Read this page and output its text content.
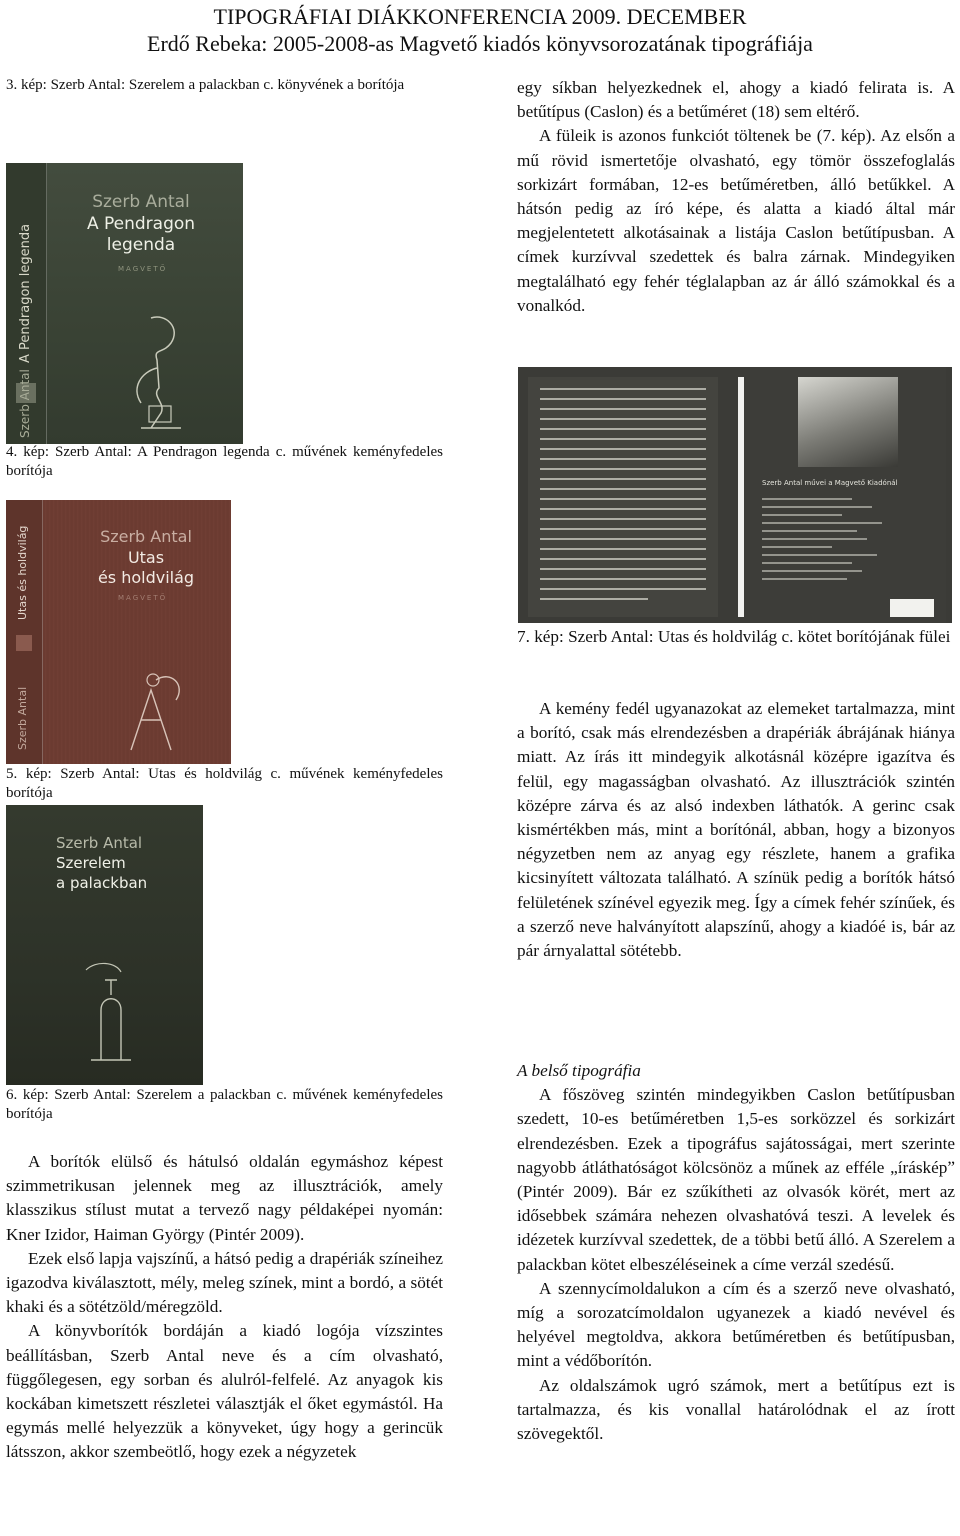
TIPOGRÁFIAI DIÁKKONFERENCIA 2009. DECEMBER
Erdő Rebeka: 2005-2008-as Magvető kiadós könyvsorozatának tipográfiája
3. kép: Szerb Antal: Szerelem a palackban c. könyvének a borítója
A Pendragon legenda
Szerb Antal
Szerb Antal
A Pendragon
legenda
MAGVETŐ
4. kép: Szerb Antal: A Pendragon legenda c. művének keményfedeles borítója
Utas és holdvilág
Szerb Antal
Szerb Antal
Utas
és holdvilág
MAGVETŐ
5. kép: Szerb Antal: Utas és holdvilág c. művének keményfedeles borítója
Szerb Antal
Szerelem
a palackban
6. kép: Szerb Antal: Szerelem a palackban c. művének keményfedeles borítója

A borítók elülső és hátulsó oldalán egymáshoz képest szimmetrikusan jelennek meg az illusztrációk, amely klasszikus stílust mutat a tervező nagy példaképei nyomán: Kner Izidor, Haiman György (Pintér 2009).

Ezek első lapja vajszínű, a hátsó pedig a drapériák színeihez igazodva kiválasztott, mély, meleg színek, mint a bordó, a sötét khaki és a sötétzöld/méregzöld.

A könyvborítók bordáján a kiadó logója vízszintes beállításban, Szerb Antal neve és a cím olvasható, függőlegesen, egy sorban és alulról-felfelé. Az anyagok kis kockában kimetszett részletei választják el őket egymástól. Ha egymás mellé helyezzük a könyveket, úgy hogy a gerincük látsszon, akkor szembeötlő, hogy ezek a négyzetek

egy síkban helyezkednek el, ahogy a kiadó felirata is. A betűtípus (Caslon) és a betűméret (18) sem eltérő.

A füleik is azonos funkciót töltenek be (7. kép). Az elsőn a mű rövid ismertetője olvasható, egy tömör összefoglalás sorkizárt formában, 12-es betűméretben, álló betűkkel. A hátsón pedig az író képe, és alatta a kiadó által már megjelentetett alkotásainak a listája Caslon betűtípusban. A címek kurzívval szedettek és balra zárnak. Mindegyiken megtalálható egy fehér téglalapban az ár álló számokkal és a vonalkód.

Szerb Antal művei a Magvető Kiadónál
7. kép: Szerb Antal: Utas és holdvilág c. kötet borítójának fülei

A kemény fedél ugyanazokat az elemeket tartalmazza, mint a borító, csak más elrendezésben a drapériák ábrájának hiánya miatt. Az írás itt mindegyik alkotásnál középre igazítva és felül, egy magasságban olvasható. Az illusztrációk szintén középre zárva és az alsó indexben láthatók. A gerinc csak kismértékben más, mint a borítónál, abban, hogy a bizonyos négyzetben nem az anyag egy részlete, hanem a grafika kicsinyített változata található. A színük pedig a borítók hátsó felületének színével egyezik meg. Így a címek fehér színűek, és a szerző neve halványított alapszínű, ahogy a kiadóé is, bár az pár árnyalattal sötétebb.

A belső tipográfia

A főszöveg szintén mindegyikben Caslon betűtípusban szedett, 10-es betűméretben 1,5-es sorközzel és sorkizárt elrendezésben. Ezek a tipográfus sajátosságai, mert szerinte nagyobb átláthatóságot kölcsönöz a műnek az efféle „írásképˮ (Pintér 2009). Bár ez szűkítheti az olvasók körét, mert az idősebbek számára nehezen olvashatóvá teszi. A levelek és idézetek kurzívval szedettek, de a többi betű álló. A Szerelem a palackban kötet elbeszéléseinek a címe verzál szedésű.

A szennycímoldalukon a cím és a szerző neve olvasható, míg a sorozatcímoldalon ugyanezek a kiadó nevével és helyével megtoldva, akkora betűméretben és betűtípusban, mint a védőborítón.

Az oldalszámok ugró számok, mert a betűtípus ezt is tartalmazza, és kis vonallal határolódnak el az írott szövegektől.
